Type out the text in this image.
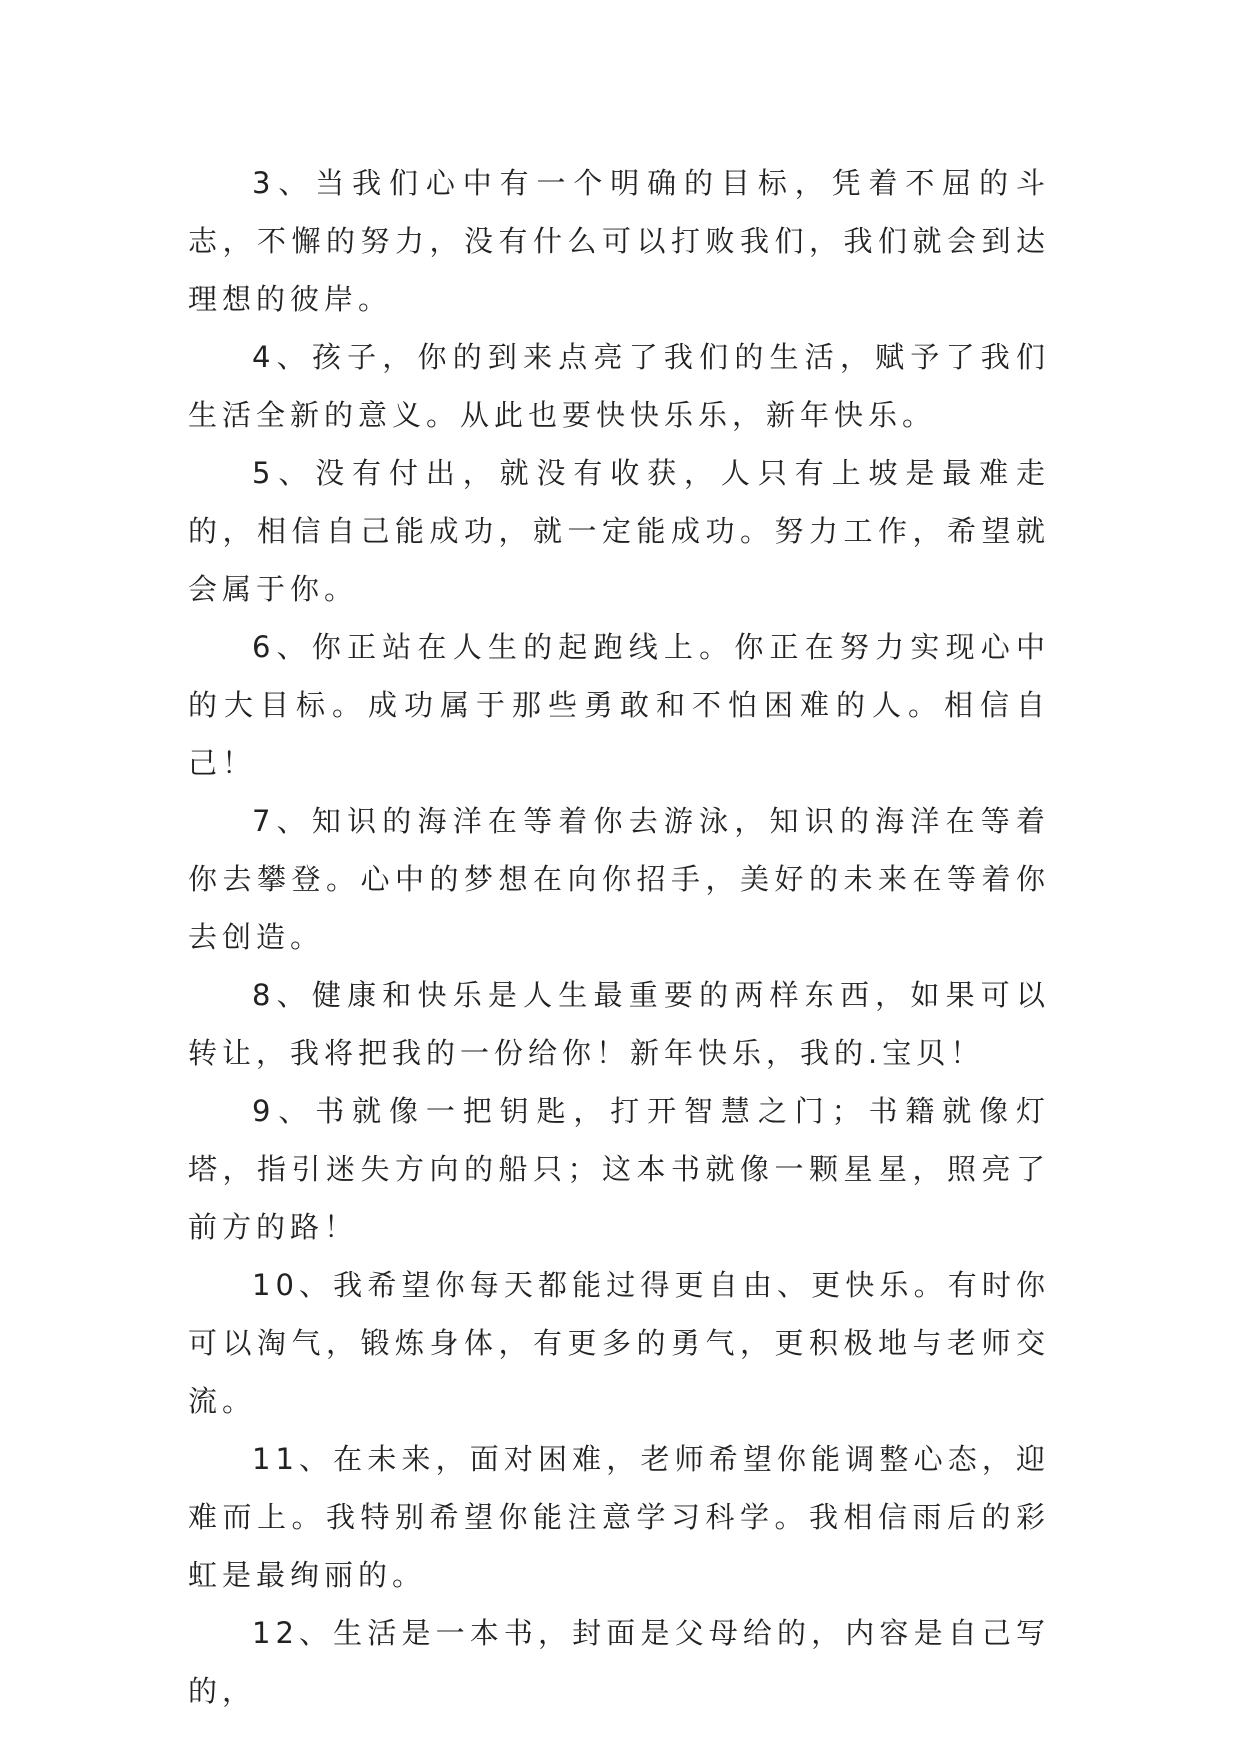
3、当我们心中有一个明确的目标，凭着不屈的斗志，不懈的努力，没有什么可以打败我们，我们就会到达理想的彼岸。

4、孩子，你的到来点亮了我们的生活，赋予了我们生活全新的意义。从此也要快快乐乐，新年快乐。

5、没有付出，就没有收获，人只有上坡是最难走的，相信自己能成功，就一定能成功。努力工作，希望就会属于你。

6、你正站在人生的起跑线上。你正在努力实现心中的大目标。成功属于那些勇敢和不怕困难的人。相信自己！

7、知识的海洋在等着你去游泳，知识的海洋在等着你去攀登。心中的梦想在向你招手，美好的未来在等着你去创造。

8、健康和快乐是人生最重要的两样东西，如果可以转让，我将把我的一份给你！新年快乐，我的.宝贝！

9、书就像一把钥匙，打开智慧之门；书籍就像灯塔，指引迷失方向的船只；这本书就像一颗星星，照亮了前方的路！

10、我希望你每天都能过得更自由、更快乐。有时你可以淘气，锻炼身体，有更多的勇气，更积极地与老师交流。

11、在未来，面对困难，老师希望你能调整心态，迎难而上。我特别希望你能注意学习科学。我相信雨后的彩虹是最绚丽的。

12、生活是一本书，封面是父母给的，内容是自己写的，
